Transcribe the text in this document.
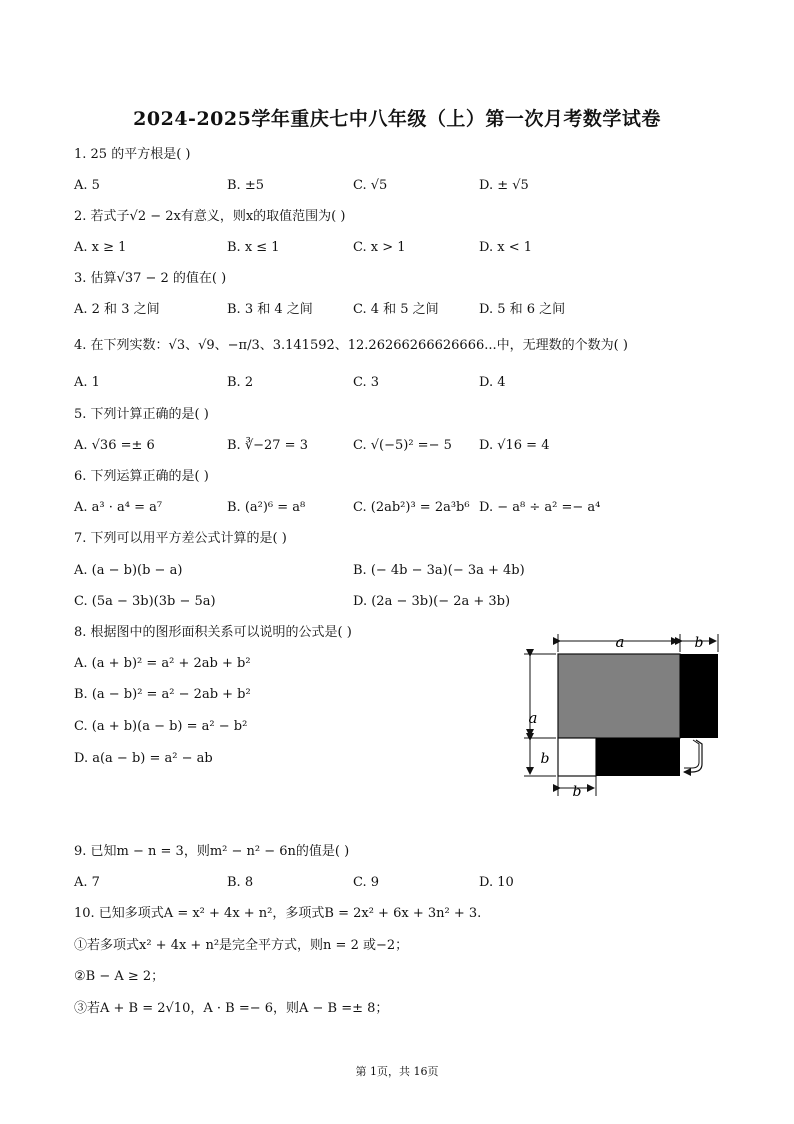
2024-2025学年重庆七中八年级（上）第一次月考数学试卷
1. 25 的平方根是( )
A. 5	B. ±5	C. √5	D. ± √5
2. 若式子√2 − 2x有意义，则x的取值范围为( )
A. x ≥ 1	B. x ≤ 1	C. x > 1	D. x < 1
3. 估算√37 − 2 的值在( )
A. 2 和 3 之间	B. 3 和 4 之间	C. 4 和 5 之间	D. 5 和 6 之间
4. 在下列实数：√3、√9、−π/3、3.141592̇、12.26266266626666...中，无理数的个数为( )
A. 1	B. 2	C. 3	D. 4
5. 下列计算正确的是( )
A. √36 =± 6	B. ∛−27 = 3	C. √(−5)² =− 5 D. √16 = 4
6. 下列运算正确的是( )
A. a³ · a⁴ = a⁷	B. (a²)⁶ = a⁸	C. (2ab²)³ = 2a³b⁶ D. − a⁸ ÷ a² =− a⁴
7. 下列可以用平方差公式计算的是( )
A. (a − b)(b − a)	B. (− 4b − 3a)(− 3a + 4b)
C. (5a − 3b)(3b − 5a)	D. (2a − 3b)(− 2a + 3b)
8. 根据图中的图形面积关系可以说明的公式是( )
A. (a + b)² = a² + 2ab + b²
B. (a − b)² = a² − 2ab + b²
C. (a + b)(a − b) = a² − b²
D. a(a − b) = a² − ab
a	b
a
b
b
9. 已知m − n = 3，则m² − n² − 6n的值是( )
A. 7	B. 8	C. 9	D. 10
10. 已知多项式A = x² + 4x + n²，多项式B = 2x² + 6x + 3n² + 3.
①若多项式x² + 4x + n²是完全平方式，则n = 2 或−2；
②B − A ≥ 2；
③若A + B = 2√10，A · B =− 6，则A − B =± 8；
第 1页，共 16页
